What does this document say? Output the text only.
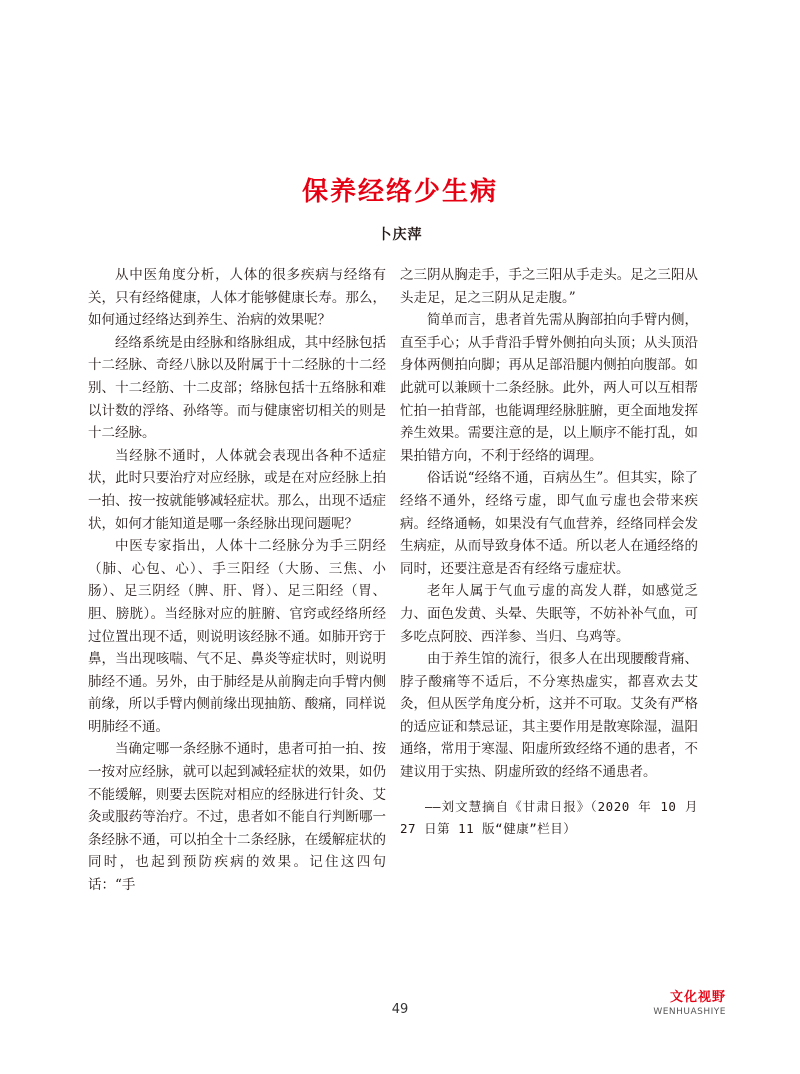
保养经络少生病
卜庆萍

从中医角度分析，人体的很多疾病与经络有关，只有经络健康，人体才能够健康长寿。那么，如何通过经络达到养生、治病的效果呢？

经络系统是由经脉和络脉组成，其中经脉包括十二经脉、奇经八脉以及附属于十二经脉的十二经别、十二经筋、十二皮部；络脉包括十五络脉和难以计数的浮络、孙络等。而与健康密切相关的则是十二经脉。

当经脉不通时，人体就会表现出各种不适症状，此时只要治疗对应经脉，或是在对应经脉上拍一拍、按一按就能够减轻症状。那么，出现不适症状，如何才能知道是哪一条经脉出现问题呢？

中医专家指出，人体十二经脉分为手三阴经（肺、心包、心）、手三阳经（大肠、三焦、小肠）、足三阴经（脾、肝、肾）、足三阳经（胃、胆、膀胱）。当经脉对应的脏腑、官窍或经络所经过位置出现不适，则说明该经脉不通。如肺开窍于鼻，当出现咳喘、气不足、鼻炎等症状时，则说明肺经不通。另外，由于肺经是从前胸走向手臂内侧前缘，所以手臂内侧前缘出现抽筋、酸痛，同样说明肺经不通。

当确定哪一条经脉不通时，患者可拍一拍、按一按对应经脉，就可以起到减轻症状的效果，如仍不能缓解，则要去医院对相应的经脉进行针灸、艾灸或服药等治疗。不过，患者如不能自行判断哪一条经脉不通，可以拍全十二条经脉，在缓解症状的同时，也起到预防疾病的效果。记住这四句话：“手

之三阴从胸走手，手之三阳从手走头。足之三阳从头走足，足之三阴从足走腹。”

简单而言，患者首先需从胸部拍向手臂内侧，直至手心；从手背沿手臂外侧拍向头顶；从头顶沿身体两侧拍向脚；再从足部沿腿内侧拍向腹部。如此就可以兼顾十二条经脉。此外，两人可以互相帮忙拍一拍背部，也能调理经脉脏腑，更全面地发挥养生效果。需要注意的是，以上顺序不能打乱，如果拍错方向，不利于经络的调理。

俗话说“经络不通，百病丛生”。但其实，除了经络不通外，经络亏虚，即气血亏虚也会带来疾病。经络通畅，如果没有气血营养，经络同样会发生病症，从而导致身体不适。所以老人在通经络的同时，还要注意是否有经络亏虚症状。

老年人属于气血亏虚的高发人群，如感觉乏力、面色发黄、头晕、失眠等，不妨补补气血，可多吃点阿胶、西洋参、当归、乌鸡等。

由于养生馆的流行，很多人在出现腰酸背痛、脖子酸痛等不适后，不分寒热虚实，都喜欢去艾灸，但从医学角度分析，这并不可取。艾灸有严格的适应证和禁忌证，其主要作用是散寒除湿，温阳通络，常用于寒湿、阳虚所致经络不通的患者，不建议用于实热、阴虚所致的经络不通患者。

——刘文慧摘自《甘肃日报》（2020 年 10 月 27 日第 11 版“健康”栏目）

49
文化视野
WENHUASHIYE
